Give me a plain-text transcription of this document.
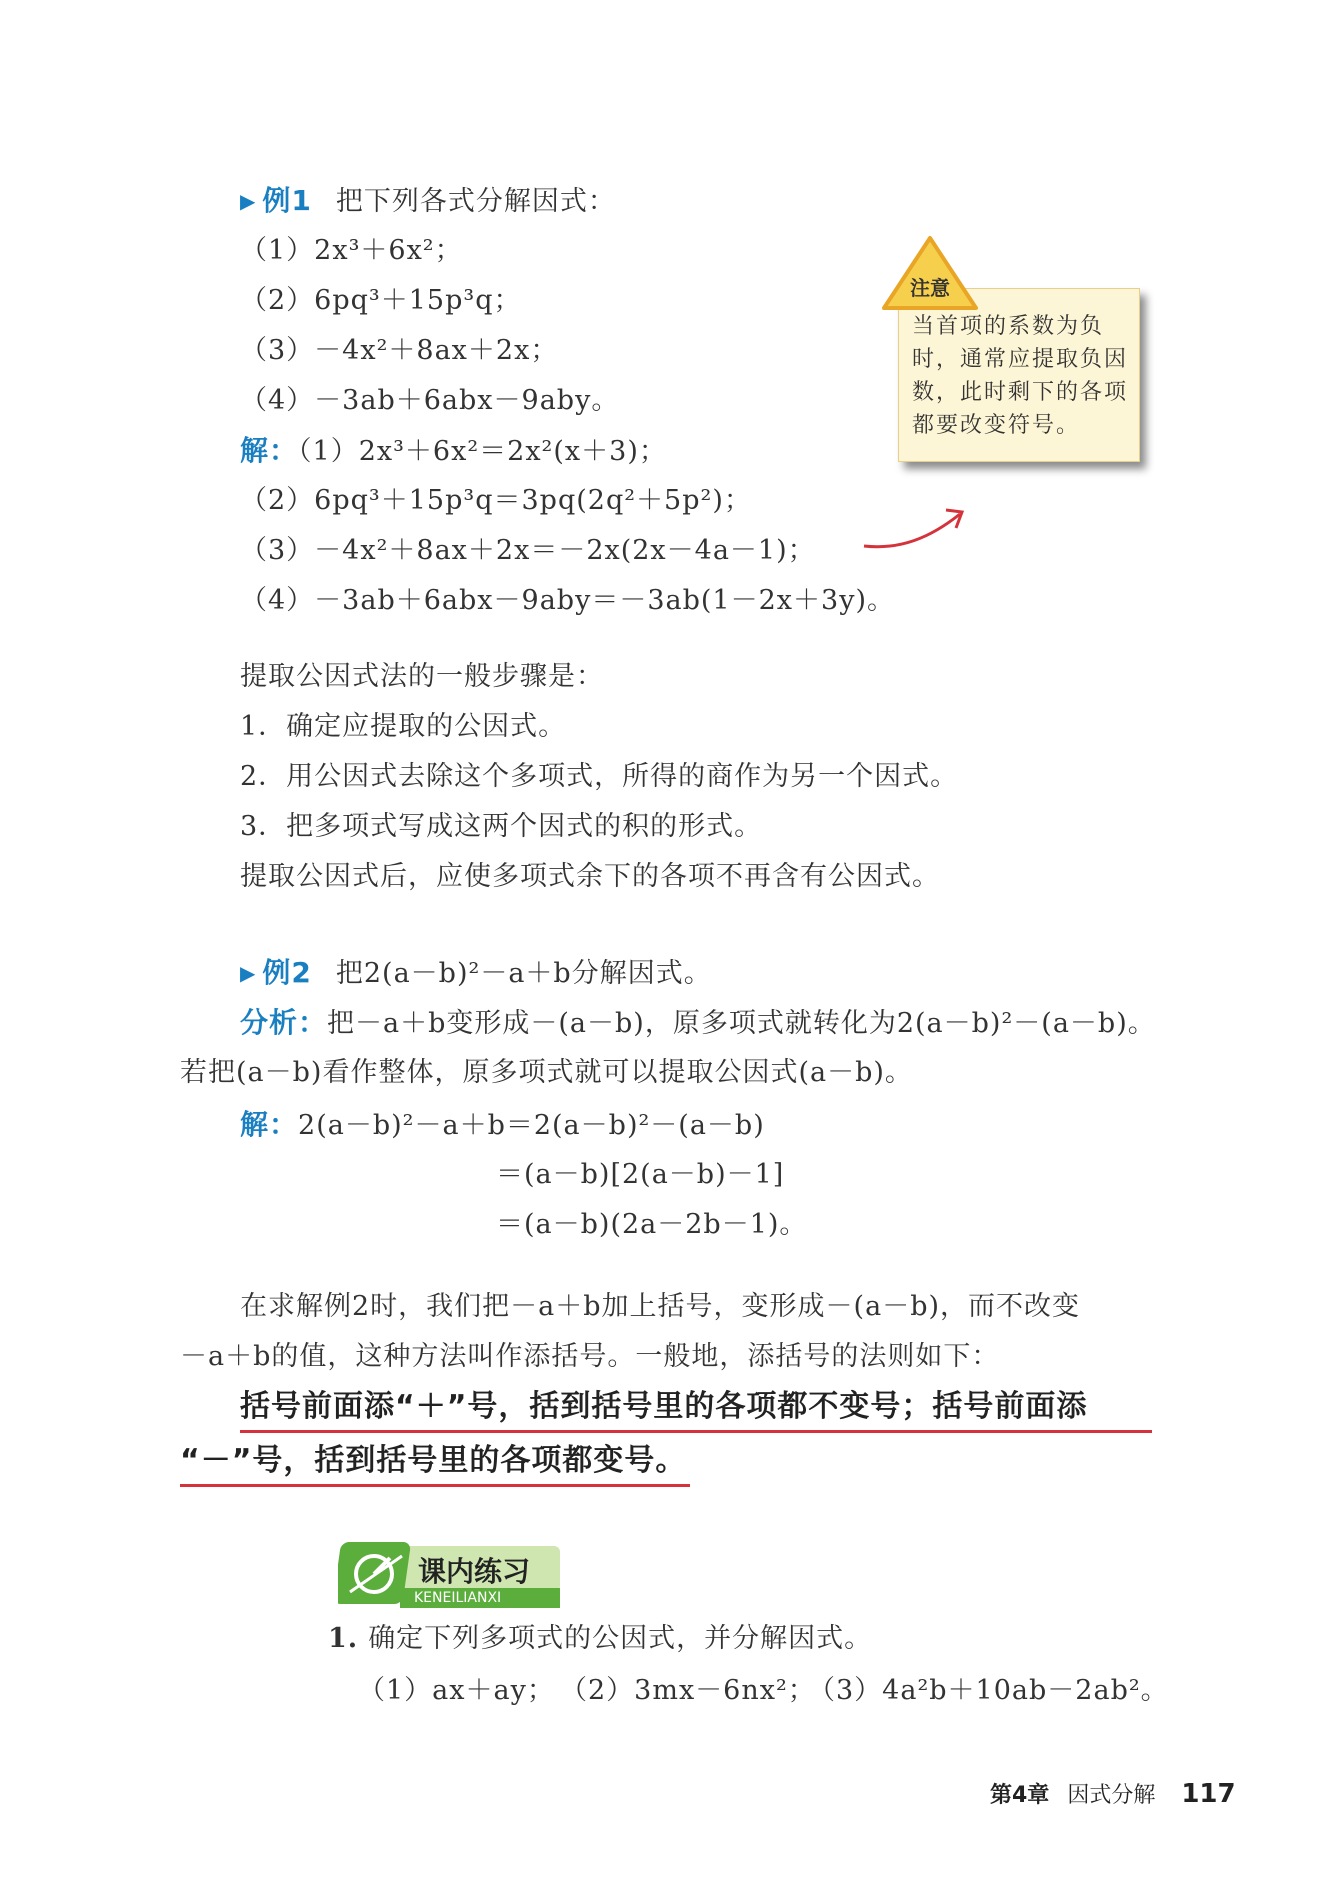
▶ 例1 把下列各式分解因式：
（1）2x³＋6x²；
（2）6pq³＋15p³q；
（3）－4x²＋8ax＋2x；
（4）－3ab＋6abx－9aby。
解：（1）2x³＋6x²＝2x²(x＋3)；
（2）6pq³＋15p³q＝3pq(2q²＋5p²)；
（3）－4x²＋8ax＋2x＝－2x(2x－4a－1)；
（4）－3ab＋6abx－9aby＝－3ab(1－2x＋3y)。
注意
当首项的系数为负时，通常应提取负因数，此时剩下的各项都要改变符号。
提取公因式法的一般步骤是：
1．确定应提取的公因式。
2．用公因式去除这个多项式，所得的商作为另一个因式。
3．把多项式写成这两个因式的积的形式。
提取公因式后，应使多项式余下的各项不再含有公因式。
▶ 例2 把2(a－b)²－a＋b分解因式。
分析：把－a＋b变形成－(a－b)，原多项式就转化为2(a－b)²－(a－b)。
若把(a－b)看作整体，原多项式就可以提取公因式(a－b)。
解：2(a－b)²－a＋b＝2(a－b)²－(a－b)
＝(a－b)[2(a－b)－1]
＝(a－b)(2a－2b－1)。
在求解例2时，我们把－a＋b加上括号，变形成－(a－b)，而不改变
－a＋b的值，这种方法叫作添括号。一般地，添括号的法则如下：
括号前面添“＋”号，括到括号里的各项都不变号；括号前面添
“－”号，括到括号里的各项都变号。
课内练习
KENEILIANXI
1. 确定下列多项式的公因式，并分解因式。
（1）ax＋ay； （2）3mx－6nx²；
（3）4a²b＋10ab－2ab²。
第4章 因式分解 117
